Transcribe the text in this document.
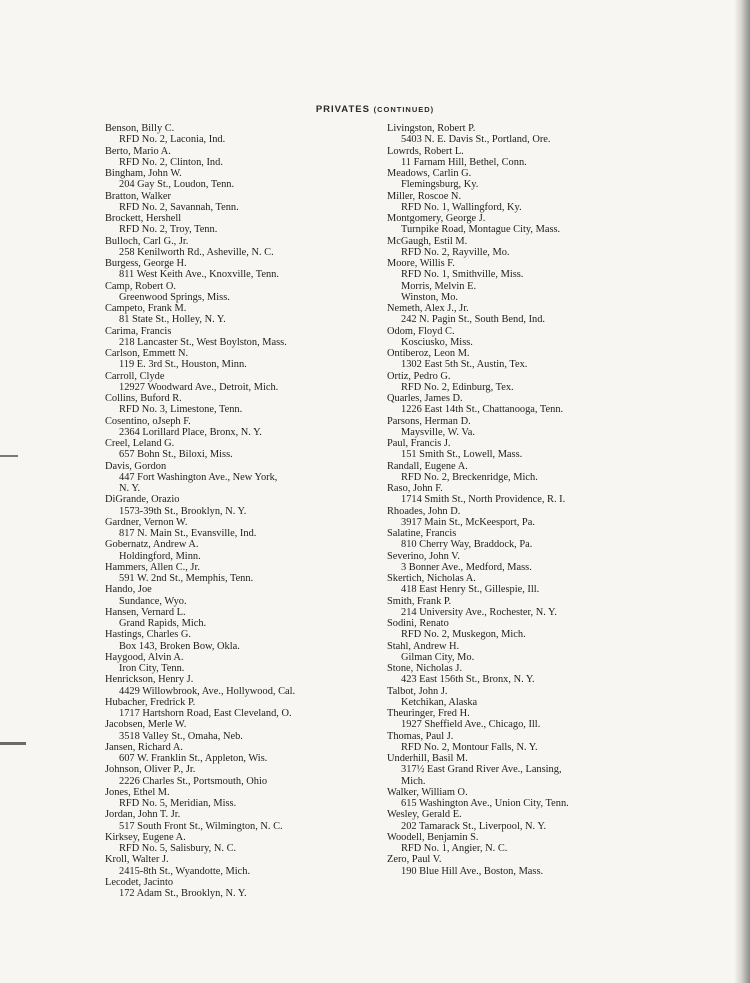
PRIVATES (CONTINUED)
Benson, Billy C.
RFD No. 2, Laconia, Ind.
Berto, Mario A.
RFD No. 2, Clinton, Ind.
Bingham, John W.
204 Gay St., Loudon, Tenn.
Bratton, Walker
RFD No. 2, Savannah, Tenn.
Brockett, Hershell
RFD No. 2, Troy, Tenn.
Bulloch, Carl G., Jr.
258 Kenilworth Rd., Asheville, N. C.
Burgess, George H.
811 West Keith Ave., Knoxville, Tenn.
Camp, Robert O.
Greenwood Springs, Miss.
Campeto, Frank M.
81 State St., Holley, N. Y.
Carima, Francis
218 Lancaster St., West Boylston, Mass.
Carlson, Emmett N.
119 E. 3rd St., Houston, Minn.
Carroll, Clyde
12927 Woodward Ave., Detroit, Mich.
Collins, Buford R.
RFD No. 3, Limestone, Tenn.
Cosentino, oJseph F.
2364 Lorillard Place, Bronx, N. Y.
Creel, Leland G.
657 Bohn St., Biloxi, Miss.
Davis, Gordon
447 Fort Washington Ave., New York,
N. Y.
DiGrande, Orazio
1573-39th St., Brooklyn, N. Y.
Gardner, Vernon W.
817 N. Main St., Evansville, Ind.
Gobernatz, Andrew A.
Holdingford, Minn.
Hammers, Allen C., Jr.
591 W. 2nd St., Memphis, Tenn.
Hando, Joe
Sundance, Wyo.
Hansen, Vernard L.
Grand Rapids, Mich.
Hastings, Charles G.
Box 143, Broken Bow, Okla.
Haygood, Alvin A.
Iron City, Tenn.
Henrickson, Henry J.
4429 Willowbrook, Ave., Hollywood, Cal.
Hubacher, Fredrick P.
1717 Hartshorn Road, East Cleveland, O.
Jacobsen, Merle W.
3518 Valley St., Omaha, Neb.
Jansen, Richard A.
607 W. Franklin St., Appleton, Wis.
Johnson, Oliver P., Jr.
2226 Charles St., Portsmouth, Ohio
Jones, Ethel M.
RFD No. 5, Meridian, Miss.
Jordan, John T. Jr.
517 South Front St., Wilmington, N. C.
Kirksey, Eugene A.
RFD No. 5, Salisbury, N. C.
Kroll, Walter J.
2415-8th St., Wyandotte, Mich.
Lecodet, Jacinto
172 Adam St., Brooklyn, N. Y.
Livingston, Robert P.
5403 N. E. Davis St., Portland, Ore.
Lowrds, Robert L.
11 Farnam Hill, Bethel, Conn.
Meadows, Carlin G.
Flemingsburg, Ky.
Miller, Roscoe N.
RFD No. 1, Wallingford, Ky.
Montgomery, George J.
Turnpike Road, Montague City, Mass.
McGaugh, Estil M.
RFD No. 2, Rayville, Mo.
Moore, Willis F.
RFD No. 1, Smithville, Miss.
Morris, Melvin E.
Winston, Mo.
Nemeth, Alex J., Jr.
242 N. Pagin St., South Bend, Ind.
Odom, Floyd C.
Kosciusko, Miss.
Ontiberoz, Leon M.
1302 East 5th St., Austin, Tex.
Ortiz, Pedro G.
RFD No. 2, Edinburg, Tex.
Quarles, James D.
1226 East 14th St., Chattanooga, Tenn.
Parsons, Herman D.
Maysville, W. Va.
Paul, Francis J.
151 Smith St., Lowell, Mass.
Randall, Eugene A.
RFD No. 2, Breckenridge, Mich.
Raso, John F.
1714 Smith St., North Providence, R. I.
Rhoades, John D.
3917 Main St., McKeesport, Pa.
Salatine, Francis
810 Cherry Way, Braddock, Pa.
Severino, John V.
3 Bonner Ave., Medford, Mass.
Skertich, Nicholas A.
418 East Henry St., Gillespie, Ill.
Smith, Frank P.
214 University Ave., Rochester, N. Y.
Sodini, Renato
RFD No. 2, Muskegon, Mich.
Stahl, Andrew H.
Gilman City, Mo.
Stone, Nicholas J.
423 East 156th St., Bronx, N. Y.
Talbot, John J.
Ketchikan, Alaska
Theuringer, Fred H.
1927 Sheffield Ave., Chicago, Ill.
Thomas, Paul J.
RFD No. 2, Montour Falls, N. Y.
Underhill, Basil M.
317½ East Grand River Ave., Lansing,
Mich.
Walker, William O.
615 Washington Ave., Union City, Tenn.
Wesley, Gerald E.
202 Tamarack St., Liverpool, N. Y.
Woodell, Benjamin S.
RFD No. 1, Angier, N. C.
Zero, Paul V.
190 Blue Hill Ave., Boston, Mass.
